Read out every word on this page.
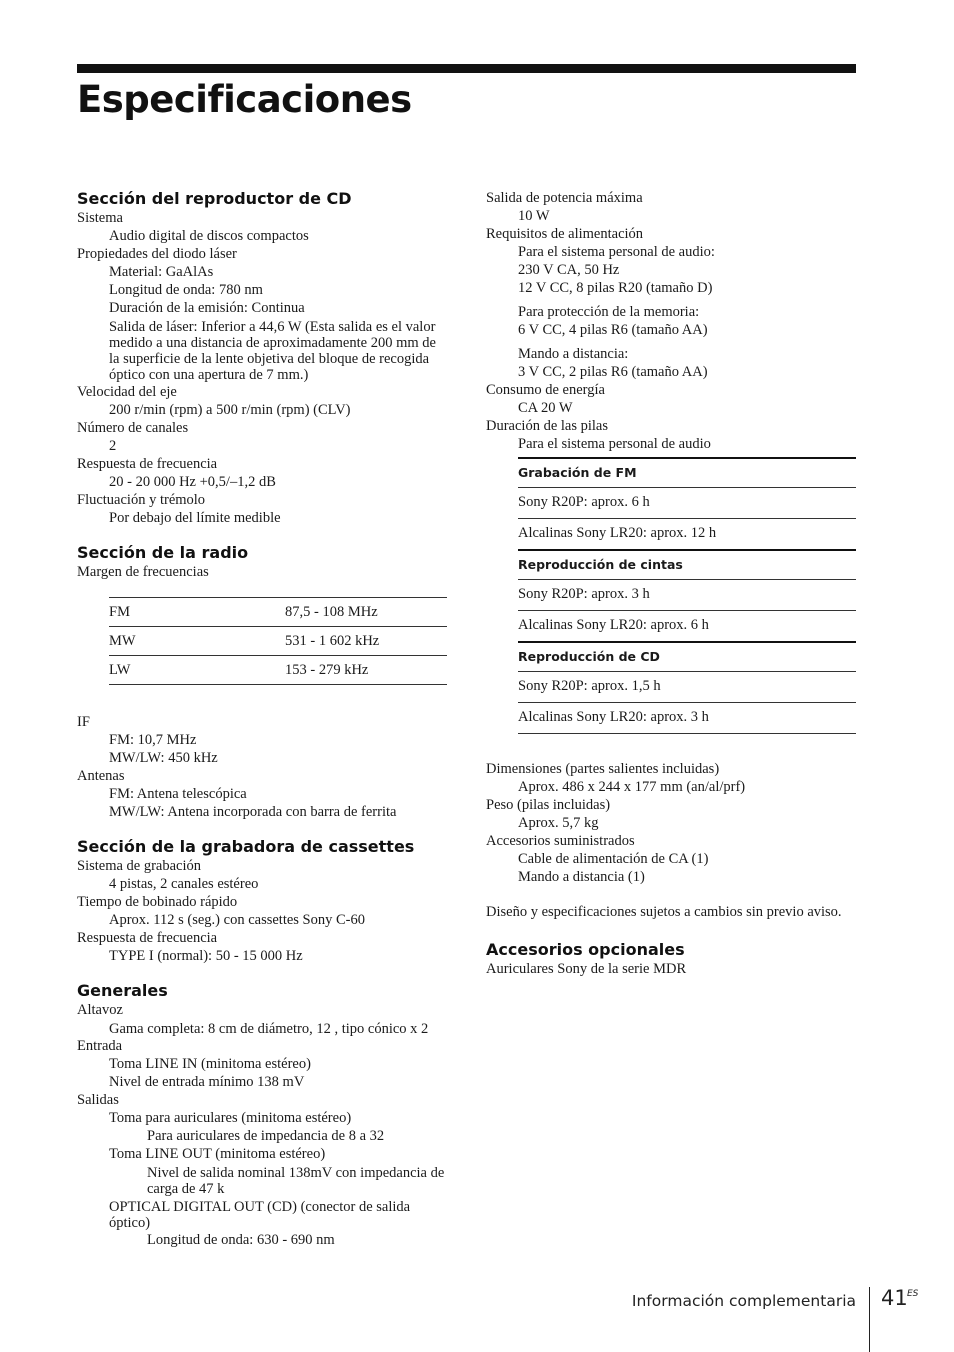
Especificaciones
Sección del reproductor de CD
Sistema
Audio digital de discos compactos
Propiedades del diodo láser
Material: GaAlAs
Longitud de onda: 780 nm
Duración de la emisión: Continua
Salida de láser: Inferior a 44,6 W (Esta salida es el valor medido a una distancia de aproximadamente 200 mm de la superficie de la lente objetiva del bloque de recogida óptico con una apertura de 7 mm.)
Velocidad del eje
200 r/min (rpm) a 500 r/min (rpm) (CLV)
Número de canales
2
Respuesta de frecuencia
20 - 20 000 Hz +0,5/–1,2 dB
Fluctuación y trémolo
Por debajo del límite medible
Sección de la radio
Margen de frecuencias
FM	87,5 - 108 MHz
MW	531 - 1 602 kHz
LW	153 - 279 kHz
IF
FM: 10,7 MHz
MW/LW: 450 kHz
Antenas
FM: Antena telescópica
MW/LW: Antena incorporada con barra de ferrita
Sección de la grabadora de cassettes
Sistema de grabación
4 pistas, 2 canales estéreo
Tiempo de bobinado rápido
Aprox. 112 s (seg.) con cassettes Sony C-60
Respuesta de frecuencia
TYPE I (normal): 50 - 15 000 Hz
Generales
Altavoz
Gama completa: 8 cm de diámetro, 12 , tipo cónico x 2
Entrada
Toma LINE IN (minitoma estéreo)
Nivel de entrada mínimo 138 mV
Salidas
Toma para auriculares (minitoma estéreo)
Para auriculares de impedancia de 8 a 32
Toma LINE OUT (minitoma estéreo)
Nivel de salida nominal 138mV con impedancia de carga de 47 k
OPTICAL DIGITAL OUT (CD) (conector de salida óptico)
Longitud de onda: 630 - 690 nm
Salida de potencia máxima
10 W
Requisitos de alimentación
Para el sistema personal de audio:
230 V CA, 50 Hz
12 V CC, 8 pilas R20 (tamaño D)
Para protección de la memoria:
6 V CC, 4 pilas R6 (tamaño AA)
Mando a distancia:
3 V CC, 2 pilas R6 (tamaño AA)
Consumo de energía
CA 20 W
Duración de las pilas
Para el sistema personal de audio
Grabación de FM
Sony R20P: aprox. 6 h
Alcalinas Sony LR20: aprox. 12 h
Reproducción de cintas
Sony R20P: aprox. 3 h
Alcalinas Sony LR20: aprox. 6 h
Reproducción de CD
Sony R20P: aprox. 1,5 h
Alcalinas Sony LR20: aprox. 3 h
Dimensiones (partes salientes incluidas)
Aprox. 486 x 244 x 177 mm (an/al/prf)
Peso (pilas incluidas)
Aprox. 5,7 kg
Accesorios suministrados
Cable de alimentación de CA (1)
Mando a distancia (1)
Diseño y especificaciones sujetos a cambios sin previo aviso.
Accesorios opcionales
Auriculares Sony de la serie MDR
Información complementaria 41 ES
